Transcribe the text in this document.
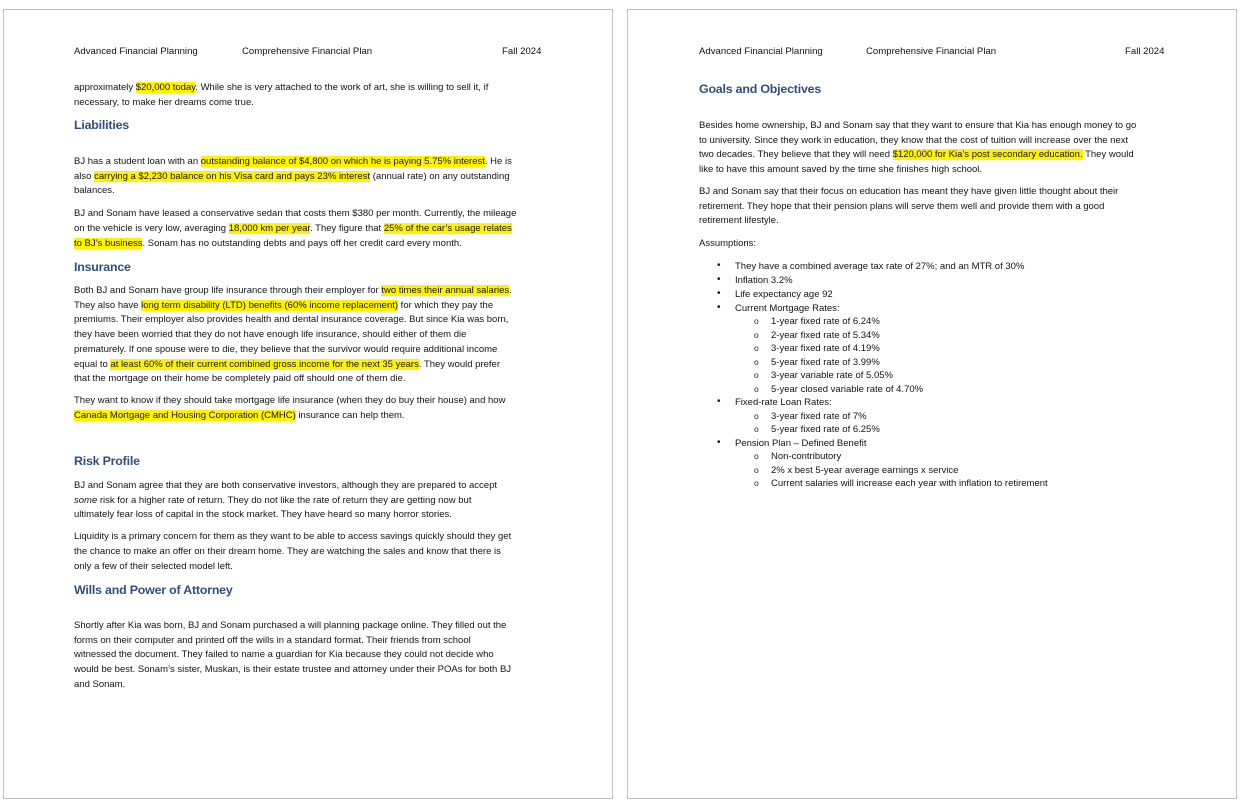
Advanced Financial Planning	Comprehensive Financial Plan	Fall 2024
approximately $20,000 today. While she is very attached to the work of art, she is willing to sell it, if
necessary, to make her dreams come true.
Liabilities
BJ has a student loan with an outstanding balance of $4,800 on which he is paying 5.75% interest. He is
also carrying a $2,230 balance on his Visa card and pays 23% interest (annual rate) on any outstanding
balances.
BJ and Sonam have leased a conservative sedan that costs them $380 per month. Currently, the mileage
on the vehicle is very low, averaging 18,000 km per year. They figure that 25% of the car’s usage relates
to BJ’s business. Sonam has no outstanding debts and pays off her credit card every month.
Insurance
Both BJ and Sonam have group life insurance through their employer for two times their annual salaries.
They also have long term disability (LTD) benefits (60% income replacement) for which they pay the
premiums. Their employer also provides health and dental insurance coverage. But since Kia was born,
they have been worried that they do not have enough life insurance, should either of them die
prematurely. If one spouse were to die, they believe that the survivor would require additional income
equal to at least 60% of their current combined gross income for the next 35 years. They would prefer
that the mortgage on their home be completely paid off should one of them die.
They want to know if they should take mortgage life insurance (when they do buy their house) and how
Canada Mortgage and Housing Corporation (CMHC) insurance can help them.
Risk Profile
BJ and Sonam agree that they are both conservative investors, although they are prepared to accept
some risk for a higher rate of return. They do not like the rate of return they are getting now but
ultimately fear loss of capital in the stock market. They have heard so many horror stories.
Liquidity is a primary concern for them as they want to be able to access savings quickly should they get
the chance to make an offer on their dream home. They are watching the sales and know that there is
only a few of their selected model left.
Wills and Power of Attorney
Shortly after Kia was born, BJ and Sonam purchased a will planning package online. They filled out the
forms on their computer and printed off the wills in a standard format. Their friends from school
witnessed the document. They failed to name a guardian for Kia because they could not decide who
would be best. Sonam’s sister, Muskan, is their estate trustee and attorney under their POAs for both BJ
and Sonam.
Advanced Financial Planning	Comprehensive Financial Plan	Fall 2024
Goals and Objectives
Besides home ownership, BJ and Sonam say that they want to ensure that Kia has enough money to go
to university. Since they work in education, they know that the cost of tuition will increase over the next
two decades. They believe that they will need $120,000 for Kia’s post secondary education. They would
like to have this amount saved by the time she finishes high school.
BJ and Sonam say that their focus on education has meant they have given little thought about their
retirement. They hope that their pension plans will serve them well and provide them with a good
retirement lifestyle.
Assumptions:
• They have a combined average tax rate of 27%; and an MTR of 30%
• Inflation 3.2%
• Life expectancy age 92
• Current Mortgage Rates:
o 1-year fixed rate of 6.24%
o 2-year fixed rate of 5.34%
o 3-year fixed rate of 4.19%
o 5-year fixed rate of 3.99%
o 3-year variable rate of 5.05%
o 5-year closed variable rate of 4.70%
• Fixed-rate Loan Rates:
o 3-year fixed rate of 7%
o 5-year fixed rate of 6.25%
• Pension Plan – Defined Benefit
o Non-contributory
o 2% x best 5-year average earnings x service
o Current salaries will increase each year with inflation to retirement
